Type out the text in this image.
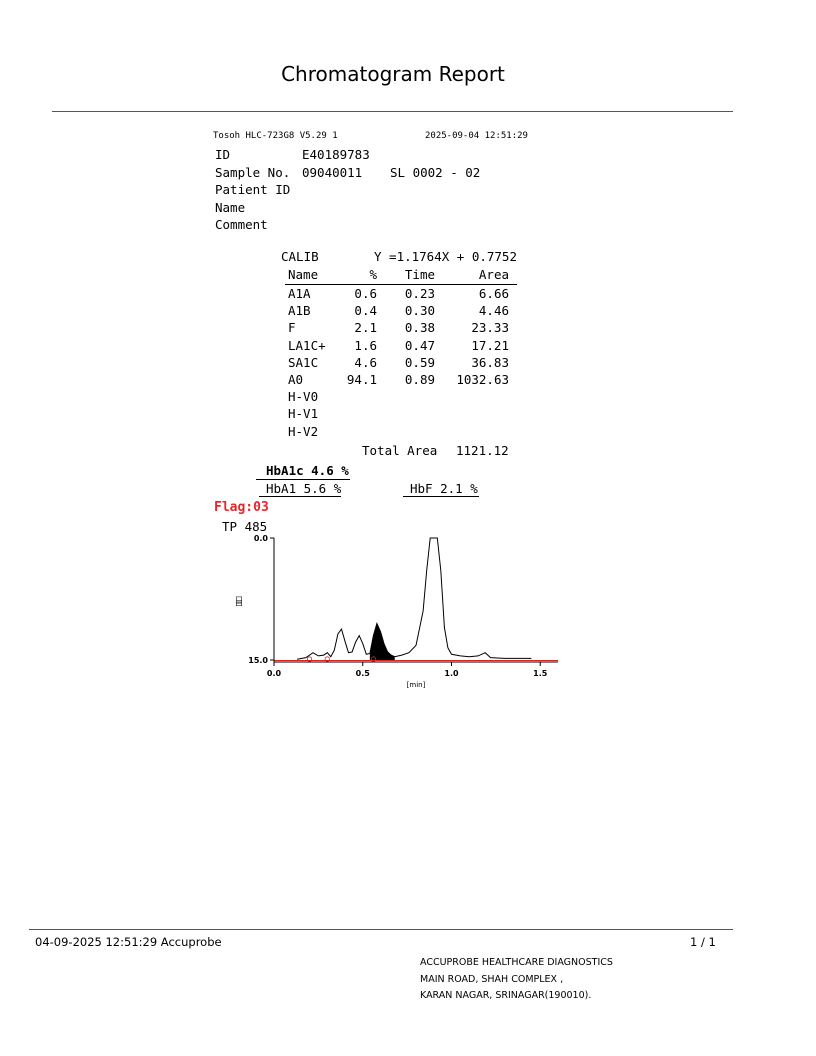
Chromatogram Report
Tosoh HLC-723G8 V5.29 1	2025-09-04 12:51:29
ID	E40189783
Sample No. 09040011 SL 0002 - 02
Patient ID
Name
Comment
CALIB	Y =1.1764X + 0.7752
Name	% Time	Area
A1A	0.6 0.23	6.66
A1B	0.4 0.30	4.46
F	2.1 0.38	23.33
LA1C+ 1.6 0.47	17.21
SA1C	4.6 0.59	36.83
A0	94.1 0.89 1032.63
H-V0
H-V1
H-V2
Total Area 1121.12
HbA1c 4.6 %
HbA1 5.6 %	HbF 2.1 %
Flag:03
TP 485
0.0
15.0
0.0	0.5	1.0	1.5
[min]
⌸
04-09-2025 12:51:29 Accuprobe	1 / 1
ACCUPROBE HEALTHCARE DIAGNOSTICS
MAIN ROAD, SHAH COMPLEX ,
KARAN NAGAR, SRINAGAR(190010).
